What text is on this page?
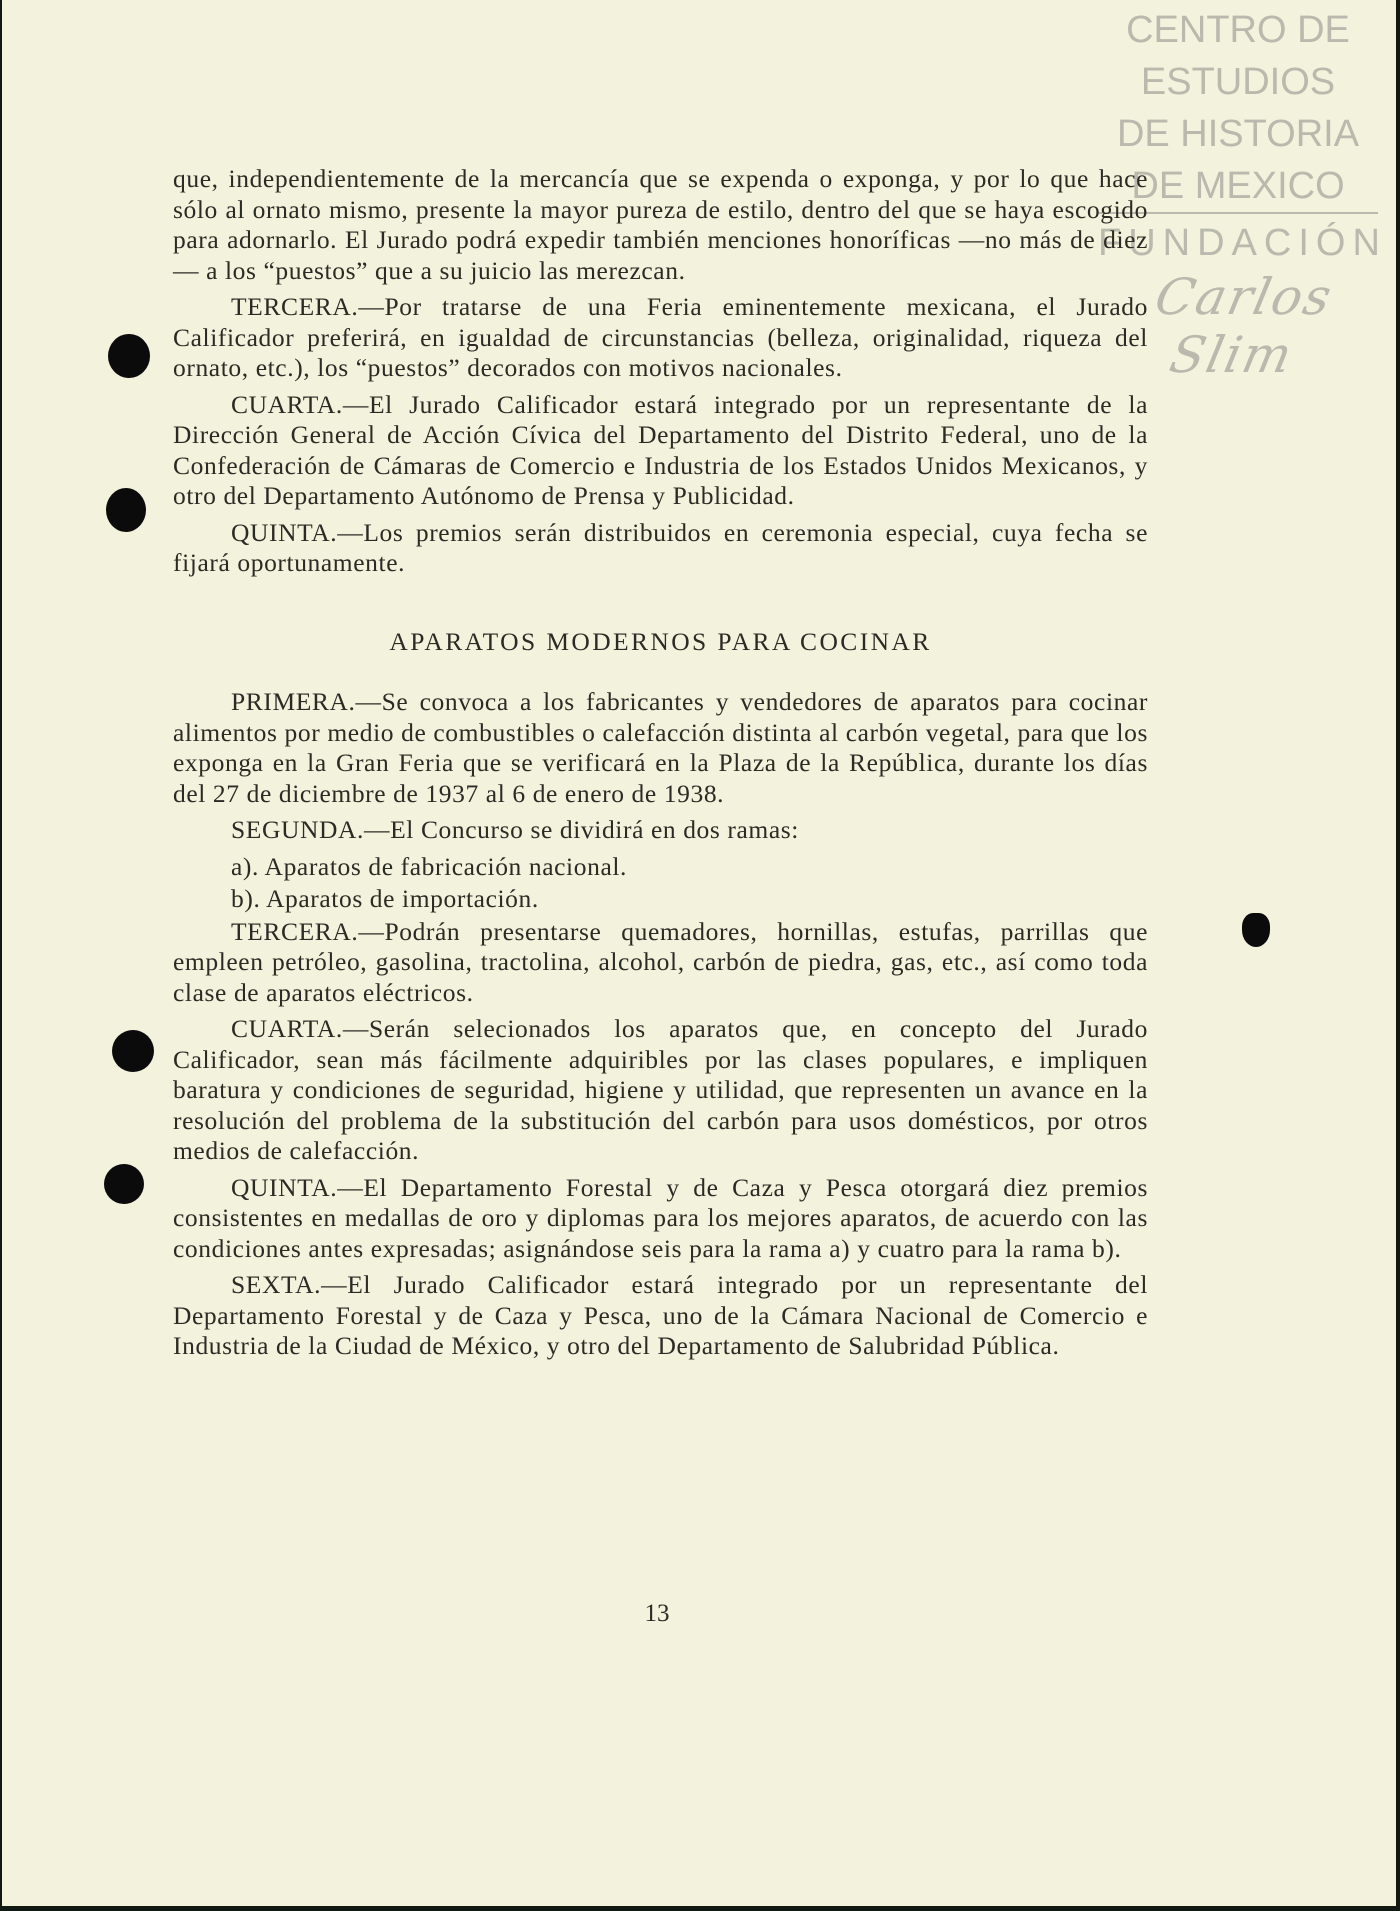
CENTRO DE
ESTUDIOS
DE HISTORIA
DE MEXICO
FUNDACIÓN
Carlos Slim

que, independientemente de la mercancía que se expenda o exponga, y por lo que hace sólo al ornato mismo, presente la mayor pureza de estilo, dentro del que se haya escogido para adornarlo. El Jurado podrá expedir también menciones honoríficas —no más de diez— a los “puestos” que a su juicio las merezcan.

TERCERA.—Por tratarse de una Feria eminentemente mexicana, el Jurado Calificador preferirá, en igualdad de circunstancias (belleza, originalidad, riqueza del ornato, etc.), los “puestos” decorados con motivos nacionales.

CUARTA.—El Jurado Calificador estará integrado por un representante de la Dirección General de Acción Cívica del Departamento del Distrito Federal, uno de la Confederación de Cámaras de Comercio e Industria de los Estados Unidos Mexicanos, y otro del Departamento Autónomo de Prensa y Publicidad.

QUINTA.—Los premios serán distribuidos en ceremonia especial, cuya fecha se fijará oportunamente.

APARATOS MODERNOS PARA COCINAR

PRIMERA.—Se convoca a los fabricantes y vendedores de aparatos para cocinar alimentos por medio de combustibles o calefacción distinta al carbón vegetal, para que los exponga en la Gran Feria que se verificará en la Plaza de la República, durante los días del 27 de diciembre de 1937 al 6 de enero de 1938.

SEGUNDA.—El Concurso se dividirá en dos ramas:

a). Aparatos de fabricación nacional.

b). Aparatos de importación.

TERCERA.—Podrán presentarse quemadores, hornillas, estufas, parrillas que empleen petróleo, gasolina, tractolina, alcohol, carbón de piedra, gas, etc., así como toda clase de aparatos eléctricos.

CUARTA.—Serán selecionados los aparatos que, en concepto del Jurado Calificador, sean más fácilmente adquiribles por las clases populares, e impliquen baratura y condiciones de seguridad, higiene y utilidad, que representen un avance en la resolución del problema de la substitución del carbón para usos domésticos, por otros medios de calefacción.

QUINTA.—El Departamento Forestal y de Caza y Pesca otorgará diez premios consistentes en medallas de oro y diplomas para los mejores aparatos, de acuerdo con las condiciones antes expresadas; asignándose seis para la rama a) y cuatro para la rama b).

SEXTA.—El Jurado Calificador estará integrado por un representante del Departamento Forestal y de Caza y Pesca, uno de la Cámara Nacional de Comercio e Industria de la Ciudad de México, y otro del Departamento de Salubridad Pública.

13
